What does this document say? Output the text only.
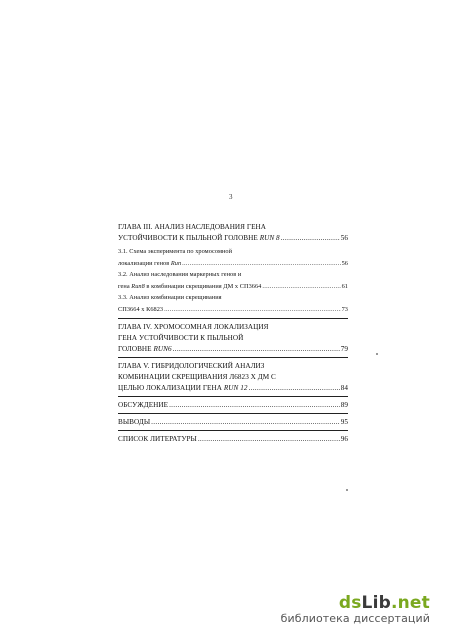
3
ГЛАВА III. АНАЛИЗ НАСЛЕДОВАНИЯ ГЕНА
УСТОЙЧИВОСТИ К ПЫЛЬНОЙ ГОЛОВНЕ RUN 8 .....	56
3.1. Схема эксперимента по хромосомной
локализации генов Run .....	56
3.2. Анализ наследования маркерных генов и
гена Run8 в комбинации скрещивания ДМ х СП3664 .....	61
3.3. Анализ комбинации скрещивания
СП3664 х К6823 .....	73
ГЛАВА IV. ХРОМОСОМНАЯ ЛОКАЛИЗАЦИЯ
ГЕНА УСТОЙЧИВОСТИ К ПЫЛЬНОЙ
ГОЛОВНЕ RUN6 .....	79
ГЛАВА V. ГИБРИДОЛОГИЧЕСКИЙ АНАЛИЗ
КОМБИНАЦИИ СКРЕЩИВАНИЯ Л6823 Х ДМ С
ЦЕЛЬЮ ЛОКАЛИЗАЦИИ ГЕНА RUN 12 .....	84
ОБСУЖДЕНИЕ .....	89
ВЫВОДЫ .....	95
СПИСОК ЛИТЕРАТУРЫ .....	96
dsLib.net
библиотека диссертаций
